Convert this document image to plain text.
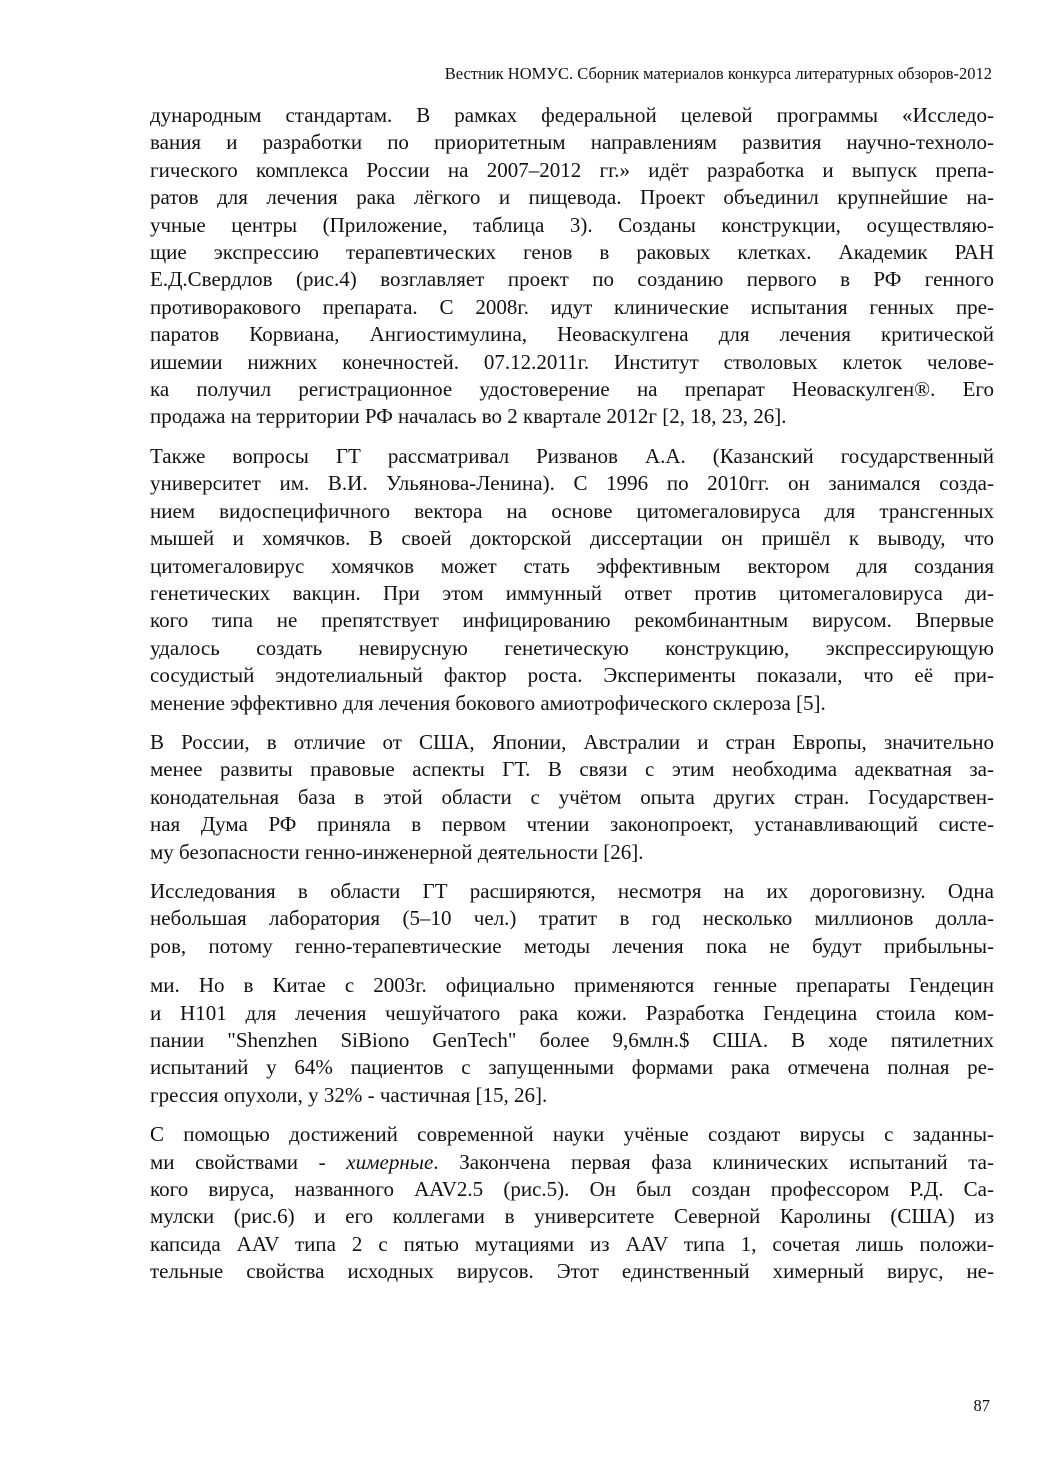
Вестник НОМУС. Сборник материалов конкурса литературных обзоров-2012

дународным стандартам. В рамках федеральной целевой программы «Исследо-
вания и разработки по приоритетным направлениям развития научно-техноло-
гического комплекса России на 2007–2012 гг.» идёт разработка и выпуск препа-
ратов для лечения рака лёгкого и пищевода. Проект объединил крупнейшие на-
учные центры (Приложение, таблица 3). Созданы конструкции, осуществляю-
щие экспрессию терапевтических генов в раковых клетках. Академик РАН
Е.Д.Свердлов (рис.4) возглавляет проект по созданию первого в РФ генного
противоракового препарата. С 2008г. идут клинические испытания генных пре-
паратов Корвиана, Ангиостимулина, Неоваскулгена для лечения критической
ишемии нижних конечностей. 07.12.2011г. Институт стволовых клеток челове-
ка получил регистрационное удостоверение на препарат Неоваскулген®. Его
продажа на территории РФ началась во 2 квартале 2012г [2, 18, 23, 26].

Также вопросы ГТ рассматривал Ризванов А.А. (Казанский государственный
университет им. В.И. Ульянова-Ленина). С 1996 по 2010гг. он занимался созда-
нием видоспецифичного вектора на основе цитомегаловируса для трансгенных
мышей и хомячков. В своей докторской диссертации он пришёл к выводу, что
цитомегаловирус хомячков может стать эффективным вектором для создания
генетических вакцин. При этом иммунный ответ против цитомегаловируса ди-
кого типа не препятствует инфицированию рекомбинантным вирусом. Впервые
удалось создать невирусную генетическую конструкцию, экспрессирующую
сосудистый эндотелиальный фактор роста. Эксперименты показали, что её при-
менение эффективно для лечения бокового амиотрофического склероза [5].

В России, в отличие от США, Японии, Австралии и стран Европы, значительно
менее развиты правовые аспекты ГТ. В связи с этим необходима адекватная за-
конодательная база в этой области с учётом опыта других стран. Государствен-
ная Дума РФ приняла в первом чтении законопроект, устанавливающий систе-
му безопасности генно-инженерной деятельности [26].

Исследования в области ГТ расширяются, несмотря на их дороговизну. Одна
небольшая лаборатория (5–10 чел.) тратит в год несколько миллионов долла-
ров, потому генно-терапевтические методы лечения пока не будут прибыльны-

ми. Но в Китае с 2003г. официально применяются генные препараты Гендецин
и H101 для лечения чешуйчатого рака кожи. Разработка Гендецина стоила ком-
пании "Shenzhen SiBiono GenTech" более 9,6млн.$ США. В ходе пятилетних
испытаний у 64% пациентов с запущенными формами рака отмечена полная ре-
грессия опухоли, у 32% - частичная [15, 26].

С помощью достижений современной науки учёные создают вирусы с заданны-
ми свойствами - химерные. Закончена первая фаза клинических испытаний та-
кого вируса, названного AAV2.5 (рис.5). Он был создан профессором Р.Д. Са-
мулски (рис.6) и его коллегами в университете Северной Каролины (США) из
капсида AAV типа 2 с пятью мутациями из AAV типа 1, сочетая лишь положи-
тельные свойства исходных вирусов. Этот единственный химерный вирус, не-

87
